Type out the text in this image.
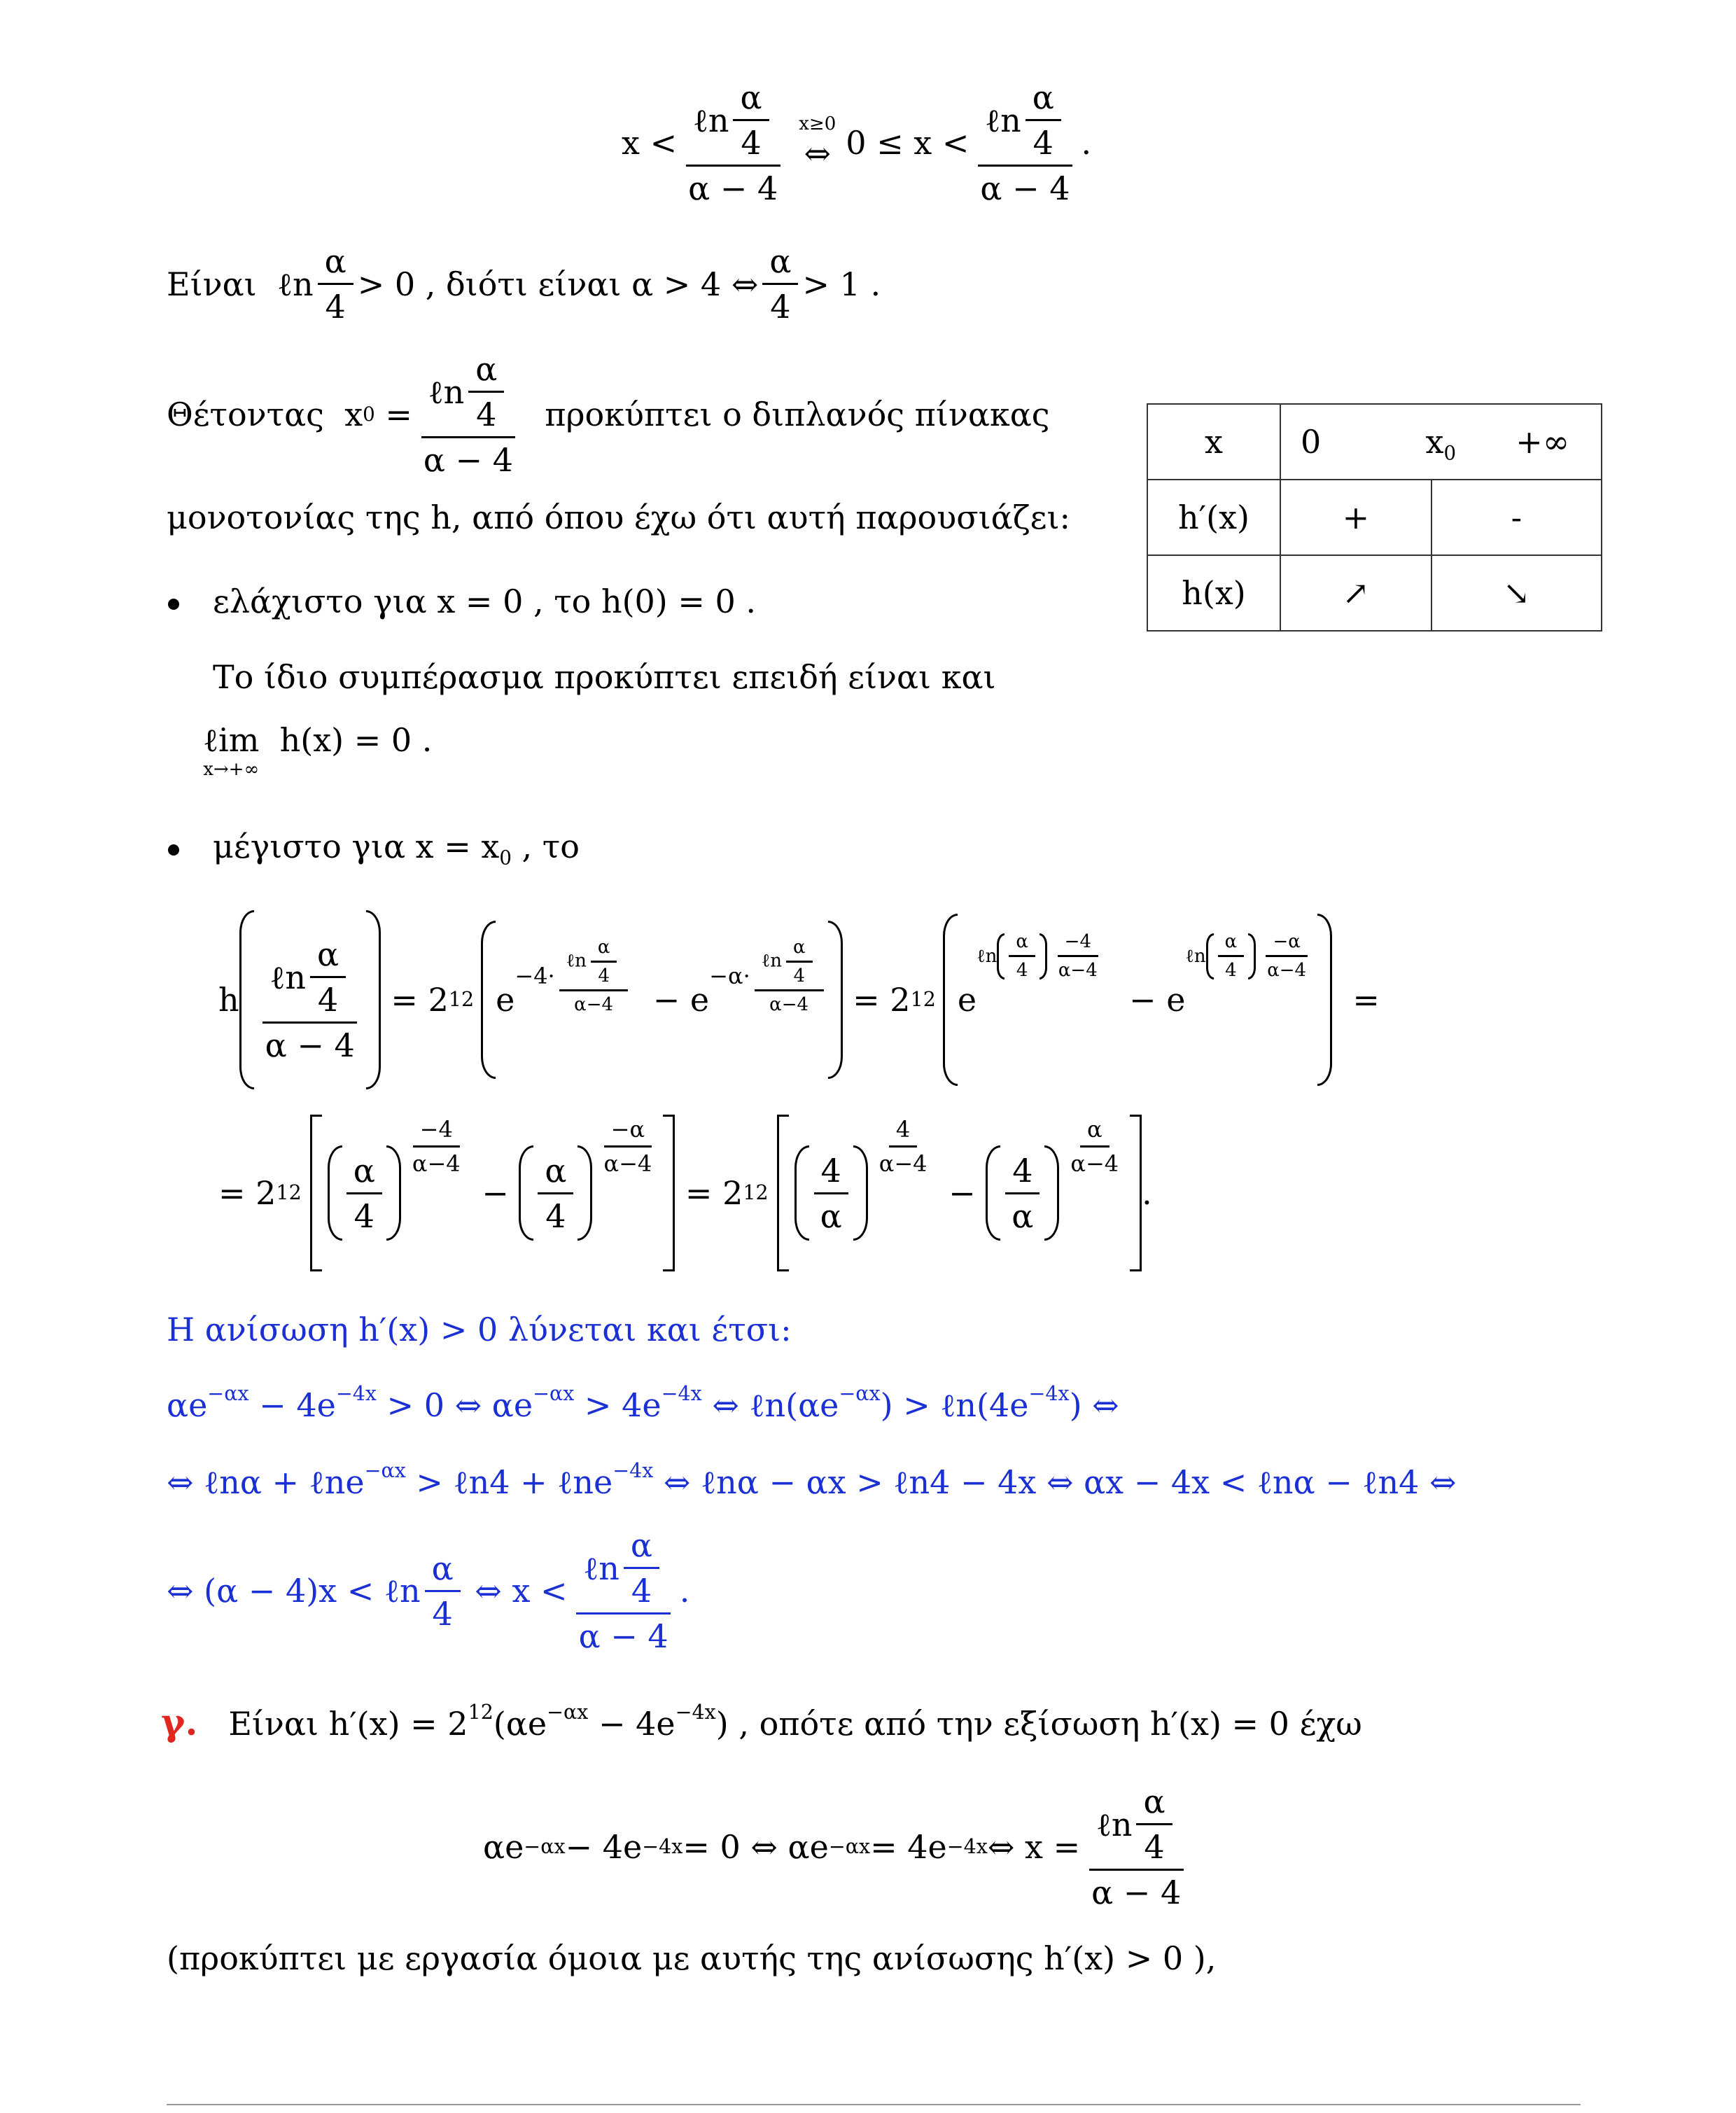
x
< $\frac{\ell n \frac{\alpha}{4}}{\alpha - 4} x\ge 0$
⇔ $0 \le x < \frac{\ell n \frac{\alpha}{4}}{\alpha - 4}$ .
Είναι
ℓn $\frac{\alpha}{4} > 0$ , διότι είναι
α > 4 ⇔ $\frac{\alpha}{4} > 1$ .
Θέτοντας
x 0
= $\frac{\ell n \frac{\alpha}{4}}{\alpha - 4}$
προκύπτει ο διπλανός πίνακας
μονοτονίας της h, από όπου έχω ότι αυτή παρουσιάζει:
ελάχιστο για x = 0 , το h(0) = 0 .
Το ίδιο συμπέρασμα προκύπτει επειδή είναι και
ℓim
x→+∞
h(x) = 0 .
μέγιστο για $x = x_0$ , το
x	0 $x_0$ +∞	
h′(x)	+	-
h(x)	↗	↘
h $\frac{\ell n \frac{\alpha}{4}}{\alpha - 4}$
=
2 12 e
$-4\cdot \frac{\ell n \frac{\alpha}{4}}{\alpha-4}$
−
e
$-\alpha\cdot \frac{\ell n \frac{\alpha}{4}}{\alpha-4}$
=
2 12 e
ℓn $\frac{\alpha}{4} \frac{-4}{\alpha-4}$

−
e
ℓn $\frac{\alpha}{4} \frac{-\alpha}{\alpha-4}$

=
=
2 $12 \frac{\alpha}{4}$
$\frac{-4}{\alpha-4}$

−
$\frac{\alpha}{4}$
$\frac{-\alpha}{\alpha-4}$

=
2 $12 \frac{4}{\alpha}$
$\frac{4}{\alpha-4}$

−
$\frac{4}{\alpha}$
$\frac{\alpha}{\alpha-4}$
.
Η ανίσωση h′(x) > 0 λύνεται και έτσι:
$\alpha e^{-\alpha x} - 4e^{-4x} > 0$ ⇔ $\alpha e^{-\alpha x} > 4e^{-4x}$ ⇔ $\ell n(\alpha e^{-\alpha x})$ > $\ell n(4e^{-4x})$ ⇔
⇔ ℓnα + ℓne$^{-\alpha x}$ > ℓn4 + ℓne$^{-4x}$ ⇔ ℓnα − αx > ℓn4 − 4x ⇔ αx − 4x < ℓnα − ℓn4 ⇔
⇔ (α − 4)x < ℓn $\frac{\alpha}{4}$
⇔ $x < \frac{\ell n \frac{\alpha}{4}}{\alpha - 4}$ .
γ. Είναι $h'(x) = 2^{12}(\alpha e^{-\alpha x} - 4e^{-4x})$ , οπότε από την εξίσωση h′(x) = 0 έχω
αe −αx − 4e −4x = 0 ⇔ αe −αx = 4e −4x ⇔ $x = \frac{\ell n \frac{\alpha}{4}}{\alpha - 4}$
(προκύπτει με εργασία όμοια με αυτής της ανίσωσης h′(x) > 0 ),
